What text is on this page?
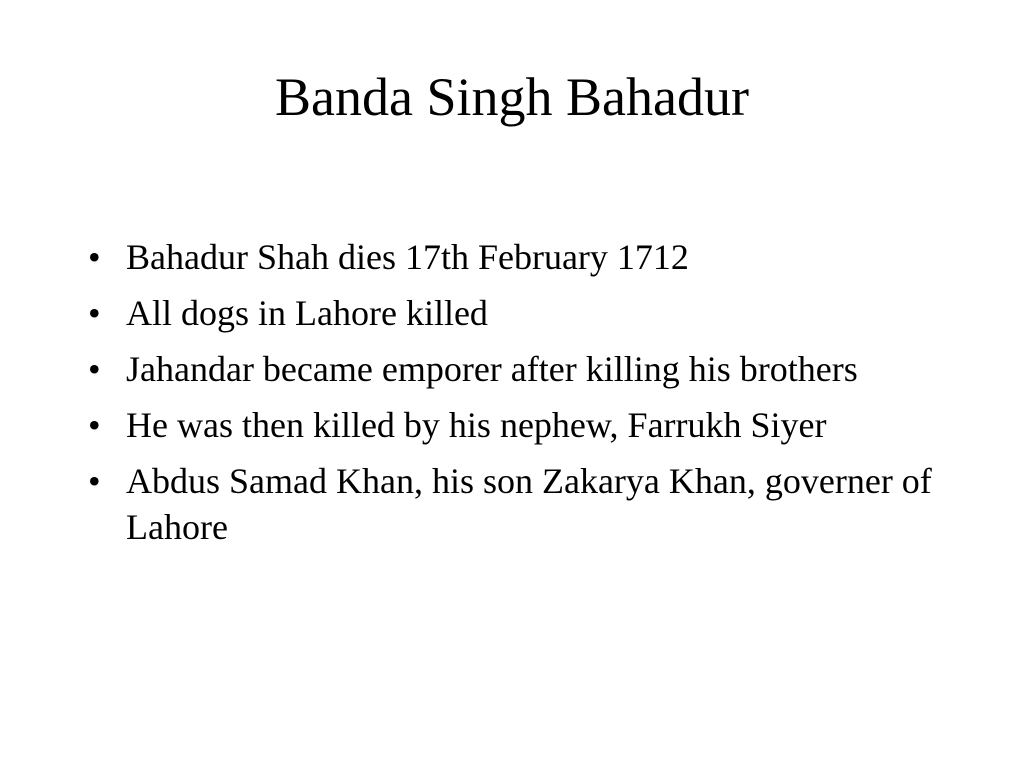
Banda Singh Bahadur
• Bahadur Shah dies 17th February 1712
• All dogs in Lahore killed
• Jahandar became emporer after killing his brothers
• He was then killed by his nephew, Farrukh Siyer
• Abdus Samad Khan, his son Zakarya Khan, governer of Lahore
